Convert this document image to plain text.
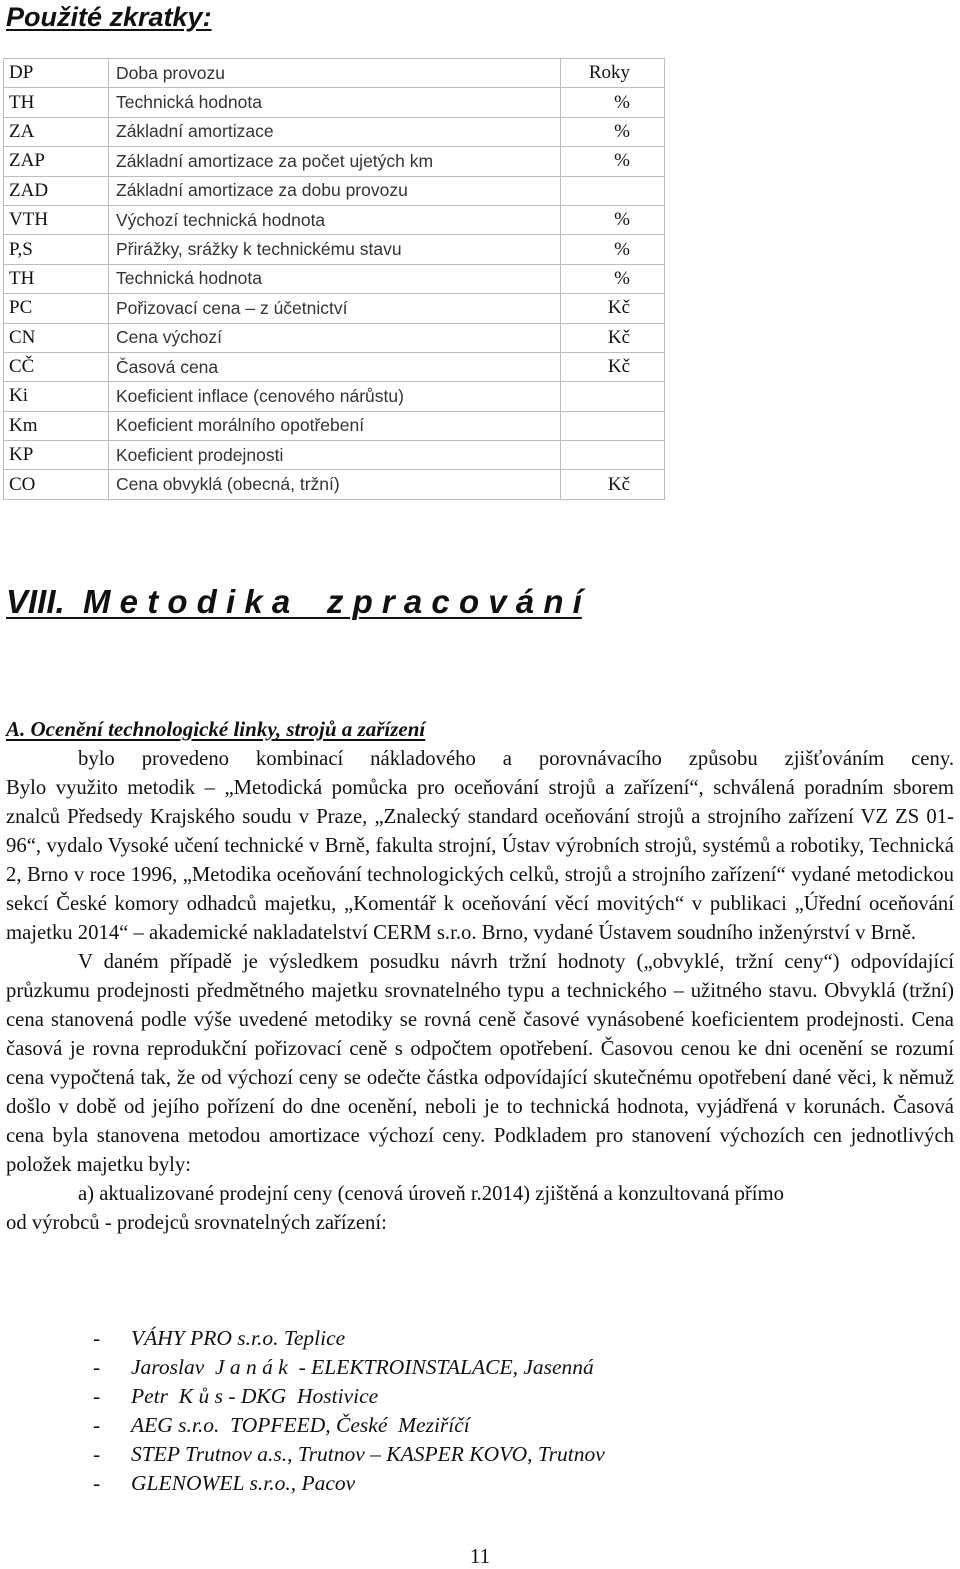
Použité zkratky:
DP	Doba provozu	Roky
TH	Technická hodnota	%
ZA	Základní amortizace	%
ZAP	Základní amortizace za počet ujetých km	%
ZAD	Základní amortizace za dobu provozu	
VTH	Výchozí technická hodnota	%
P,S	Přirážky, srážky k technickému stavu	%
TH	Technická hodnota	%
PC	Pořizovací cena – z účetnictví	Kč
CN	Cena výchozí	Kč
CČ	Časová cena	Kč
Ki	Koeficient inflace (cenového nárůstu)	
Km	Koeficient morálního opotřebení	
KP	Koeficient prodejnosti	
CO	Cena obvyklá (obecná, tržní)	Kč
VIII.  M e t o d i k a    z p r a c o v á n í
A. Ocenění technologické linky, strojů a zařízení

bylo provedeno kombinací nákladového a porovnávacího způsobu zjišťováním ceny.

Bylo využito metodik – „Metodická pomůcka pro oceňování strojů a zařízení“, schválená poradním sborem znalců Předsedy Krajského soudu v Praze, „Znalecký standard oceňování strojů a strojního zařízení VZ ZS 01-96“, vydalo Vysoké učení technické v Brně, fakulta strojní, Ústav výrobních strojů, systémů a robotiky, Technická 2, Brno v roce 1996, „Metodika oceňování technologických celků, strojů a strojního zařízení“ vydané metodickou sekcí České komory odhadců majetku, „Komentář k oceňování věcí movitých“ v publikaci „Úřední oceňování majetku 2014“ – akademické nakladatelství CERM s.r.o. Brno, vydané Ústavem soudního inženýrství v Brně.

V daném případě je výsledkem posudku návrh tržní hodnoty („obvyklé, tržní ceny“) odpovídající průzkumu prodejnosti předmětného majetku srovnatelného typu a technického – užitného stavu. Obvyklá (tržní) cena stanovená podle výše uvedené metodiky se rovná ceně časové vynásobené koeficientem prodejnosti. Cena časová je rovna reprodukční pořizovací ceně s odpočtem opotřebení. Časovou cenou ke dni ocenění se rozumí cena vypočtená tak, že od výchozí ceny se odečte částka odpovídající skutečnému opotřebení dané věci, k němuž došlo v době od jejího pořízení do dne ocenění, neboli je to technická hodnota, vyjádřená v korunách. Časová cena byla stanovena metodou amortizace výchozí ceny. Podkladem pro stanovení výchozích cen jednotlivých položek majetku byly:

a) aktualizované prodejní ceny (cenová úroveň r.2014) zjištěná a konzultovaná přímo

od výrobců - prodejců srovnatelných zařízení:

- VÁHY PRO s.r.o. Teplice
- Jaroslav  J a n á k  - ELEKTROINSTALACE, Jasenná
- Petr  K ů s - DKG  Hostivice
- AEG s.r.o.  TOPFEED, České  Meziříčí
- STEP Trutnov a.s., Trutnov – KASPER KOVO, Trutnov
- GLENOWEL s.r.o., Pacov
11
